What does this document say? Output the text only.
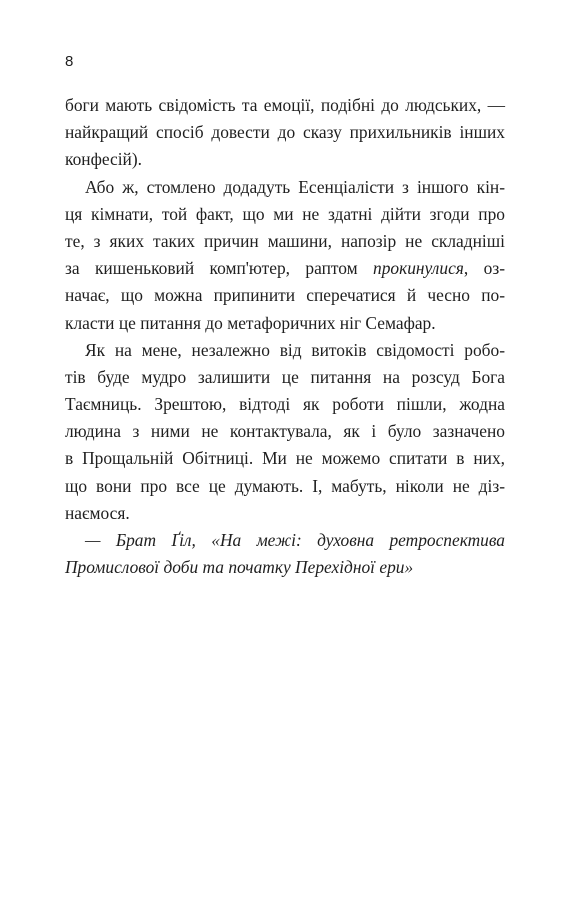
8
боги мають свідомість та емоції, подібні до людських, —
найкращий спосіб довести до сказу прихильників інших
конфесій).
Або ж, стомлено додадуть Есенціалісти з іншого кін-
ця кімнати, той факт, що ми не здатні дійти згоди про
те, з яких таких причин машини, напозір не складніші
за кишеньковий комп'ютер, раптом прокинулися, оз-
начає, що можна припинити сперечатися й чесно по-
класти це питання до метафоричних ніг Семафар.
Як на мене, незалежно від витоків свідомості робо-
тів буде мудро залишити це питання на розсуд Бога
Таємниць. Зрештою, відтоді як роботи пішли, жодна
людина з ними не контактувала, як і було зазначено
в Прощальній Обітниці. Ми не можемо спитати в них,
що вони про все це думають. І, мабуть, ніколи не діз-
наємося.
— Брат Ґіл, «На межі: духовна ретроспектива
Промислової доби та початку Перехідної ери»
